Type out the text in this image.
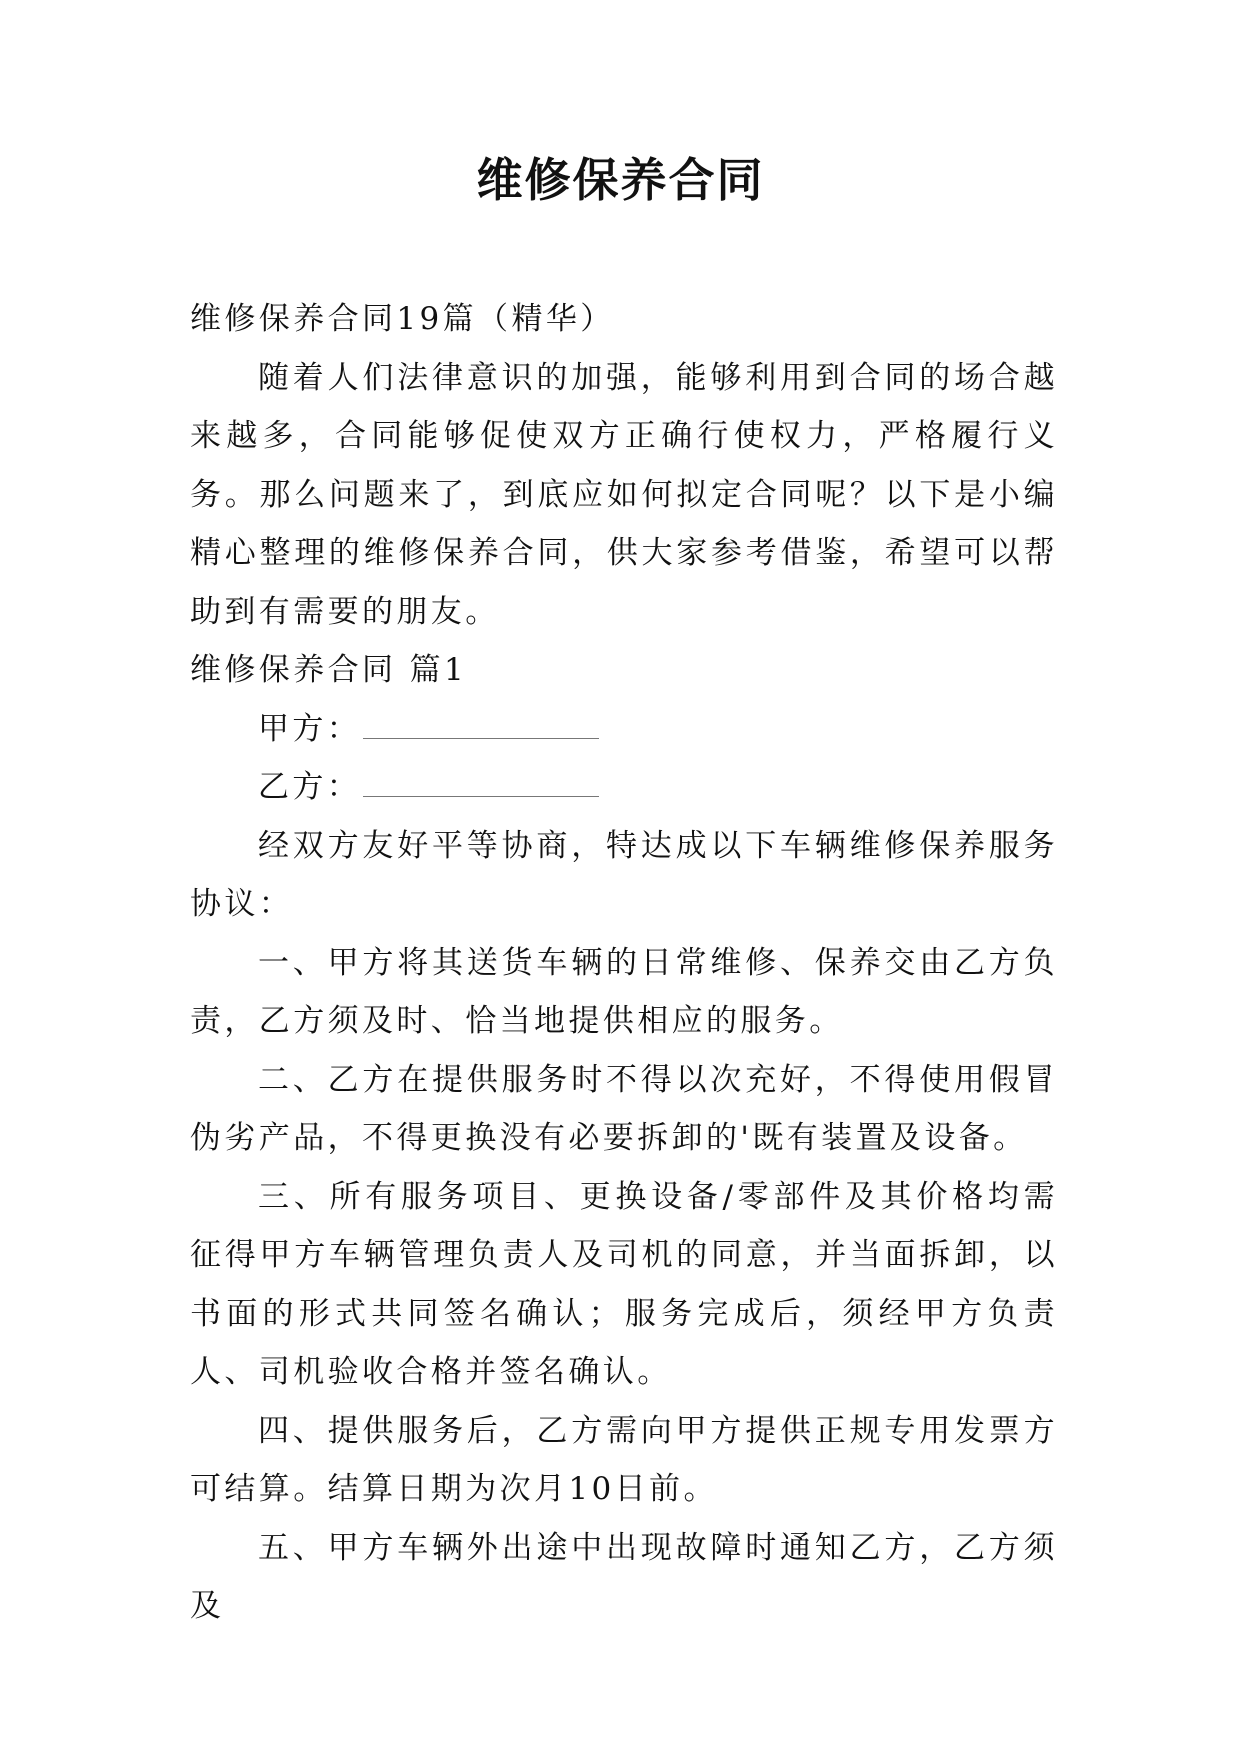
维修保养合同

维修保养合同19篇（精华）

随着人们法律意识的加强，能够利用到合同的场合越来越多，合同能够促使双方正确行使权力，严格履行义务。那么问题来了，到底应如何拟定合同呢？以下是小编精心整理的维修保养合同，供大家参考借鉴，希望可以帮助到有需要的朋友。

维修保养合同 篇1

甲方：

乙方：

经双方友好平等协商，特达成以下车辆维修保养服务协议：

一、甲方将其送货车辆的日常维修、保养交由乙方负责，乙方须及时、恰当地提供相应的服务。

二、乙方在提供服务时不得以次充好，不得使用假冒伪劣产品，不得更换没有必要拆卸的'既有装置及设备。

三、所有服务项目、更换设备/零部件及其价格均需征得甲方车辆管理负责人及司机的同意，并当面拆卸，以书面的形式共同签名确认；服务完成后，须经甲方负责人、司机验收合格并签名确认。

四、提供服务后，乙方需向甲方提供正规专用发票方可结算。结算日期为次月10日前。

五、甲方车辆外出途中出现故障时通知乙方，乙方须及
